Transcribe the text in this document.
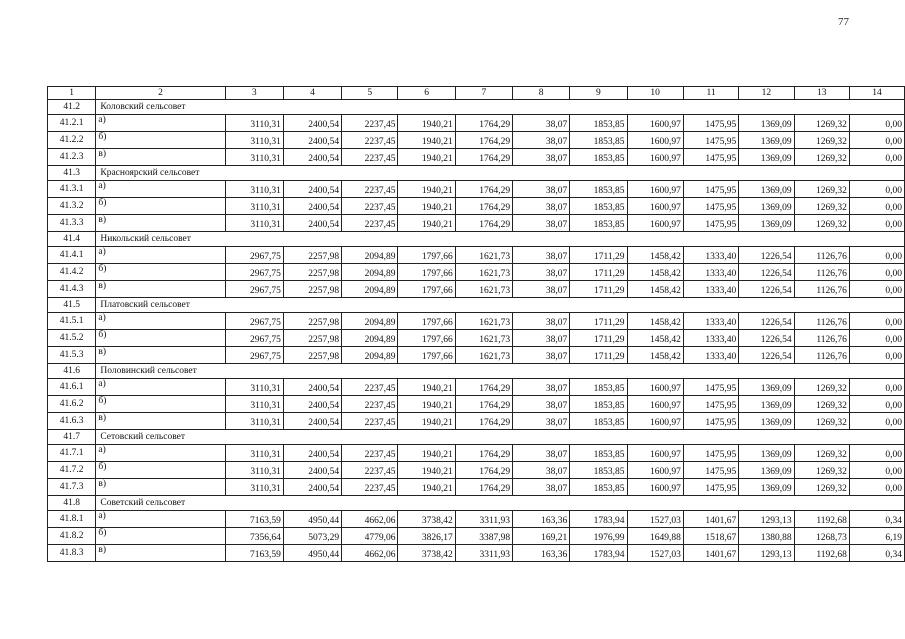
77
1	2	3	4	5	6	7	8	9	10	11	12	13	14
41.2	Коловский сельсовет												
41.2.1	а)	3110,31	2400,54	2237,45	1940,21	1764,29	38,07	1853,85	1600,97	1475,95	1369,09	1269,32	0,00
41.2.2	б)	3110,31	2400,54	2237,45	1940,21	1764,29	38,07	1853,85	1600,97	1475,95	1369,09	1269,32	0,00
41.2.3	в)	3110,31	2400,54	2237,45	1940,21	1764,29	38,07	1853,85	1600,97	1475,95	1369,09	1269,32	0,00
41.3	Красноярский сельсовет												
41.3.1	а)	3110,31	2400,54	2237,45	1940,21	1764,29	38,07	1853,85	1600,97	1475,95	1369,09	1269,32	0,00
41.3.2	б)	3110,31	2400,54	2237,45	1940,21	1764,29	38,07	1853,85	1600,97	1475,95	1369,09	1269,32	0,00
41.3.3	в)	3110,31	2400,54	2237,45	1940,21	1764,29	38,07	1853,85	1600,97	1475,95	1369,09	1269,32	0,00
41.4	Никольский сельсовет												
41.4.1	а)	2967,75	2257,98	2094,89	1797,66	1621,73	38,07	1711,29	1458,42	1333,40	1226,54	1126,76	0,00
41.4.2	б)	2967,75	2257,98	2094,89	1797,66	1621,73	38,07	1711,29	1458,42	1333,40	1226,54	1126,76	0,00
41.4.3	в)	2967,75	2257,98	2094,89	1797,66	1621,73	38,07	1711,29	1458,42	1333,40	1226,54	1126,76	0,00
41.5	Платовский сельсовет												
41.5.1	а)	2967,75	2257,98	2094,89	1797,66	1621,73	38,07	1711,29	1458,42	1333,40	1226,54	1126,76	0,00
41.5.2	б)	2967,75	2257,98	2094,89	1797,66	1621,73	38,07	1711,29	1458,42	1333,40	1226,54	1126,76	0,00
41.5.3	в)	2967,75	2257,98	2094,89	1797,66	1621,73	38,07	1711,29	1458,42	1333,40	1226,54	1126,76	0,00
41.6	Половинский сельсовет												
41.6.1	а)	3110,31	2400,54	2237,45	1940,21	1764,29	38,07	1853,85	1600,97	1475,95	1369,09	1269,32	0,00
41.6.2	б)	3110,31	2400,54	2237,45	1940,21	1764,29	38,07	1853,85	1600,97	1475,95	1369,09	1269,32	0,00
41.6.3	в)	3110,31	2400,54	2237,45	1940,21	1764,29	38,07	1853,85	1600,97	1475,95	1369,09	1269,32	0,00
41.7	Сетовский сельсовет												
41.7.1	а)	3110,31	2400,54	2237,45	1940,21	1764,29	38,07	1853,85	1600,97	1475,95	1369,09	1269,32	0,00
41.7.2	б)	3110,31	2400,54	2237,45	1940,21	1764,29	38,07	1853,85	1600,97	1475,95	1369,09	1269,32	0,00
41.7.3	в)	3110,31	2400,54	2237,45	1940,21	1764,29	38,07	1853,85	1600,97	1475,95	1369,09	1269,32	0,00
41.8	Советский сельсовет												
41.8.1	а)	7163,59	4950,44	4662,06	3738,42	3311,93	163,36	1783,94	1527,03	1401,67	1293,13	1192,68	0,34
41.8.2	б)	7356,64	5073,29	4779,06	3826,17	3387,98	169,21	1976,99	1649,88	1518,67	1380,88	1268,73	6,19
41.8.3	в)	7163,59	4950,44	4662,06	3738,42	3311,93	163,36	1783,94	1527,03	1401,67	1293,13	1192,68	0,34
